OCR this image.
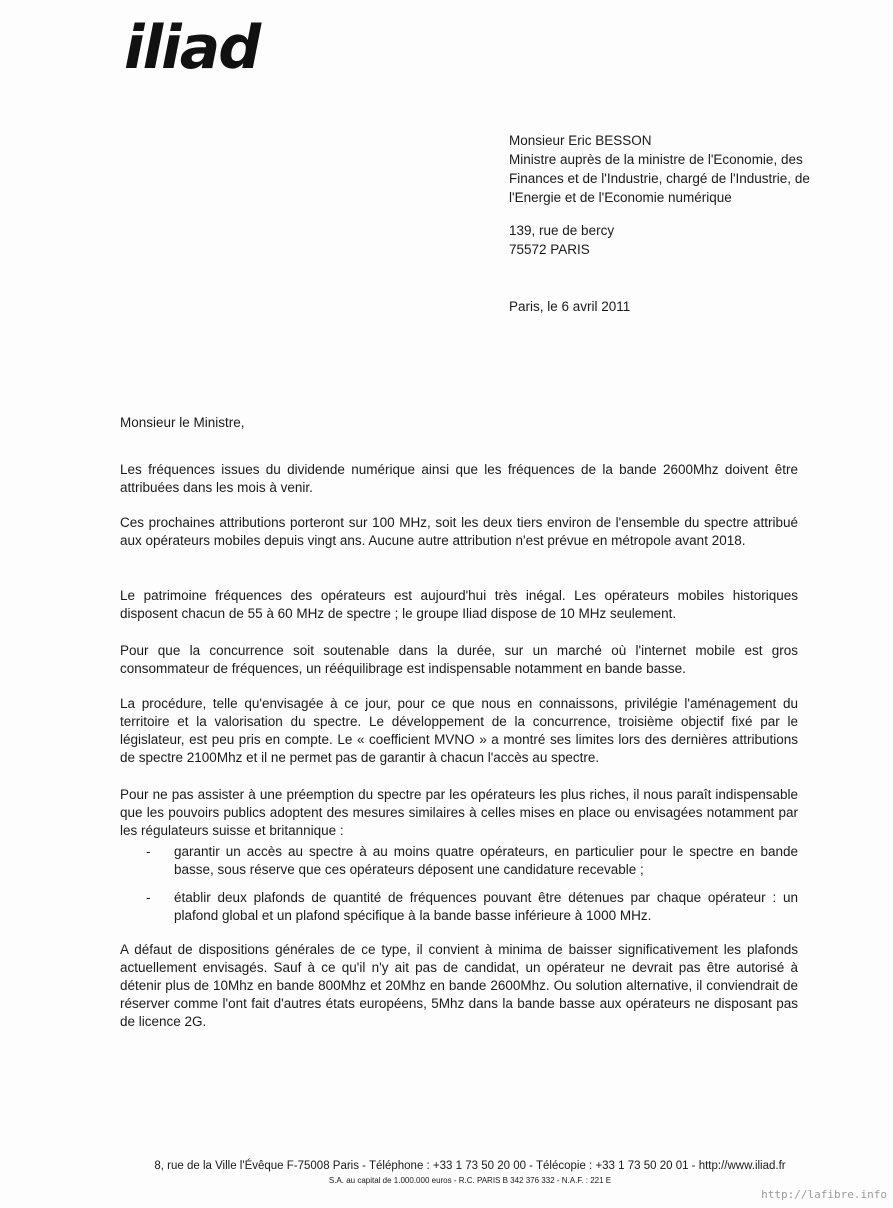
iliad
Monsieur Eric BESSON
Ministre auprès de la ministre de l'Economie, des
Finances et de l'Industrie, chargé de l'Industrie, de
l'Energie et de l'Economie numérique
139, rue de bercy
75572 PARIS
Paris, le 6 avril 2011
Monsieur le Ministre,

Les fréquences issues du dividende numérique ainsi que les fréquences de la bande 2600Mhz doivent être attribuées dans les mois à venir.

Ces prochaines attributions porteront sur 100 MHz, soit les deux tiers environ de l'ensemble du spectre attribué aux opérateurs mobiles depuis vingt ans. Aucune autre attribution n'est prévue en métropole avant 2018.

Le patrimoine fréquences des opérateurs est aujourd'hui très inégal. Les opérateurs mobiles historiques disposent chacun de 55 à 60 MHz de spectre ; le groupe Iliad dispose de 10 MHz seulement.

Pour que la concurrence soit soutenable dans la durée, sur un marché où l'internet mobile est gros consommateur de fréquences, un rééquilibrage est indispensable notamment en bande basse.

La procédure, telle qu'envisagée à ce jour, pour ce que nous en connaissons, privilégie l'aménagement du territoire et la valorisation du spectre. Le développement de la concurrence, troisième objectif fixé par le législateur, est peu pris en compte. Le « coefficient MVNO » a montré ses limites lors des dernières attributions de spectre 2100Mhz et il ne permet pas de garantir à chacun l'accès au spectre.

Pour ne pas assister à une préemption du spectre par les opérateurs les plus riches, il nous paraît indispensable que les pouvoirs publics adoptent des mesures similaires à celles mises en place ou envisagées notamment par les régulateurs suisse et britannique :

-	garantir un accès au spectre à au moins quatre opérateurs, en particulier pour le spectre en bande basse, sous réserve que ces opérateurs déposent une candidature recevable ;
-	établir deux plafonds de quantité de fréquences pouvant être détenues par chaque opérateur : un plafond global et un plafond spécifique à la bande basse inférieure à 1000 MHz.

A défaut de dispositions générales de ce type, il convient à minima de baisser significativement les plafonds actuellement envisagés. Sauf à ce qu'il n'y ait pas de candidat, un opérateur ne devrait pas être autorisé à détenir plus de 10Mhz en bande 800Mhz et 20Mhz en bande 2600Mhz. Ou solution alternative, il conviendrait de réserver comme l'ont fait d'autres états européens, 5Mhz dans la bande basse aux opérateurs ne disposant pas de licence 2G.

8, rue de la Ville l'Évêque F-75008 Paris - Téléphone : +33 1 73 50 20 00 - Télécopie : +33 1 73 50 20 01 - http://www.iliad.fr
S.A. au capital de 1.000.000 euros - R.C. PARIS B 342 376 332 - N.A.F. : 221 E
http://lafibre.info
